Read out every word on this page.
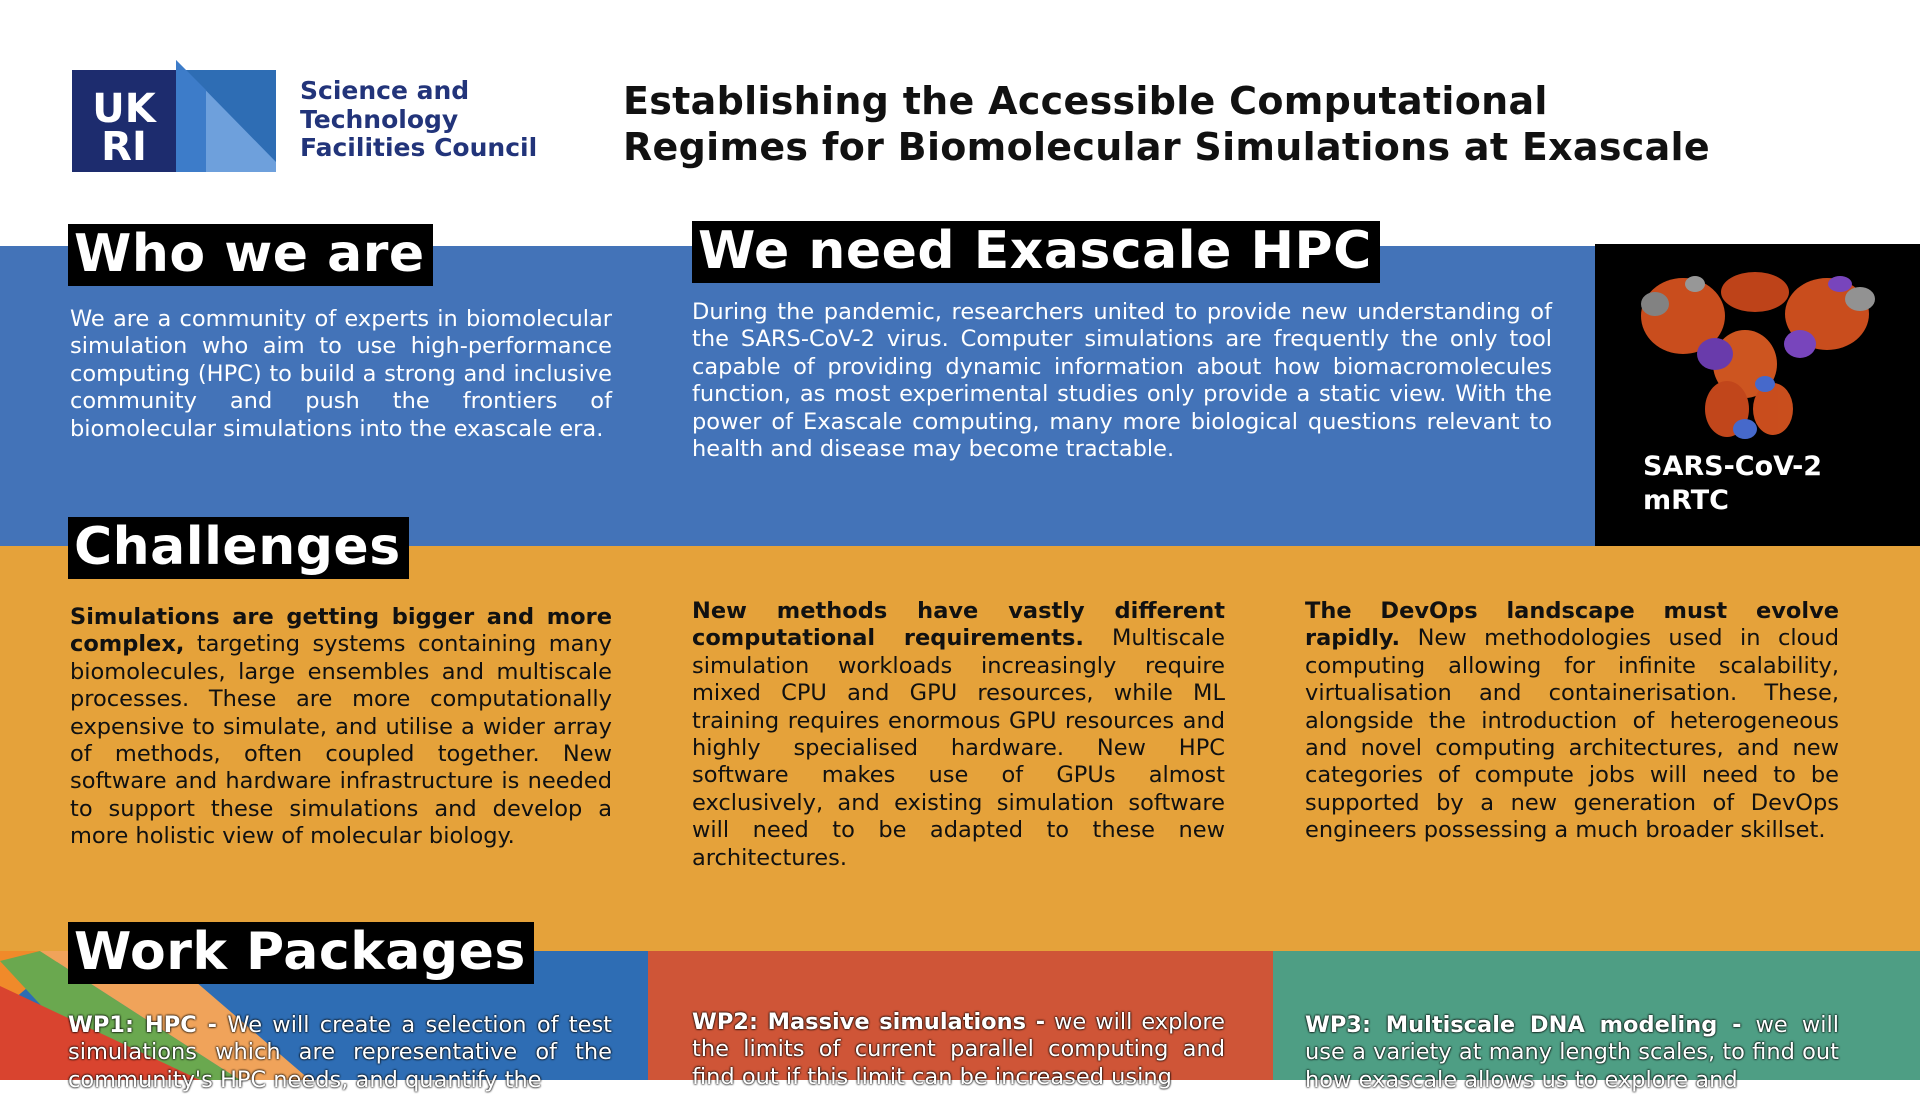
UK
RI
Science and
Technology
Facilities Council
Establishing the Accessible Computational
Regimes for Biomolecular Simulations at Exascale
Who we are
We are a community of experts in biomolecular simulation who aim to use high-performance computing (HPC) to build a strong and inclusive community and push the frontiers of biomolecular simulations into the exascale era.
We need Exascale HPC
During the pandemic, researchers united to provide new understanding of the SARS-CoV-2 virus. Computer simulations are frequently the only tool capable of providing dynamic information about how biomacromolecules function, as most experimental studies only provide a static view. With the power of Exascale computing, many more biological questions relevant to health and disease may become tractable.
SARS-CoV-2
mRTC
Challenges
Simulations are getting bigger and more complex, targeting systems containing many biomolecules, large ensembles and multiscale processes. These are more computationally expensive to simulate, and utilise a wider array of methods, often coupled together. New software and hardware infrastructure is needed to support these simulations and develop a more holistic view of molecular biology.
New methods have vastly different computational requirements. Multiscale simulation workloads increasingly require mixed CPU and GPU resources, while ML training requires enormous GPU resources and highly specialised hardware. New HPC software makes use of GPUs almost exclusively, and existing simulation software will need to be adapted to these new architectures.
The DevOps landscape must evolve rapidly. New methodologies used in cloud computing allowing for infinite scalability, virtualisation and containerisation. These, alongside the introduction of heterogeneous and novel computing architectures, and new categories of compute jobs will need to be supported by a new generation of DevOps engineers possessing a much broader skillset.
Work Packages
WP1: HPC - We will create a selection of test simulations which are representative of the community's HPC needs, and quantify the
WP2: Massive simulations - we will explore the limits of current parallel computing and find out if this limit can be increased using
WP3: Multiscale DNA modeling - we will use a variety at many length scales, to find out how exascale allows us to explore and
